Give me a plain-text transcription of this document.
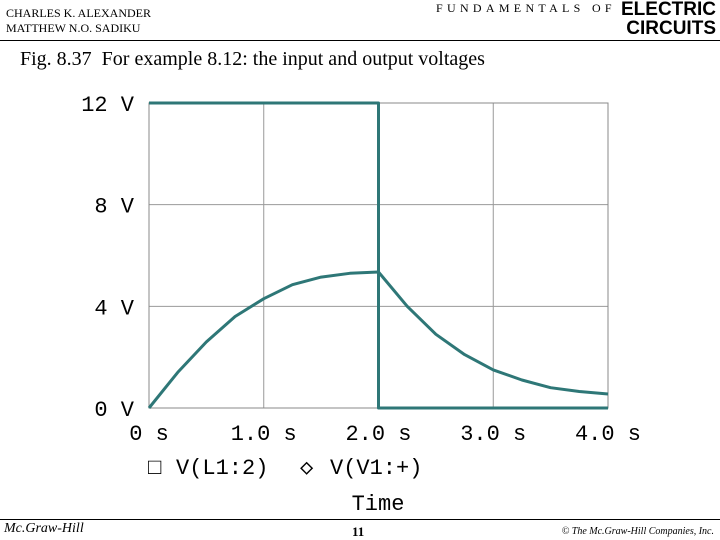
CHARLES K. ALEXANDER
MATTHEW N.O. SADIKU
FUNDAMENTALS OF ELECTRIC
CIRCUITS
Fig. 8.37  For example 8.12: the input and output voltages
0 V
4 V
8 V
12 V
0 s	1.0 s 2.0 s 3.0 s 4.0 s
□ V(L1:2) ◇ V(V1:+)
Time
Mc.Graw-Hill	11	© The Mc.Graw-Hill Companies, Inc.
